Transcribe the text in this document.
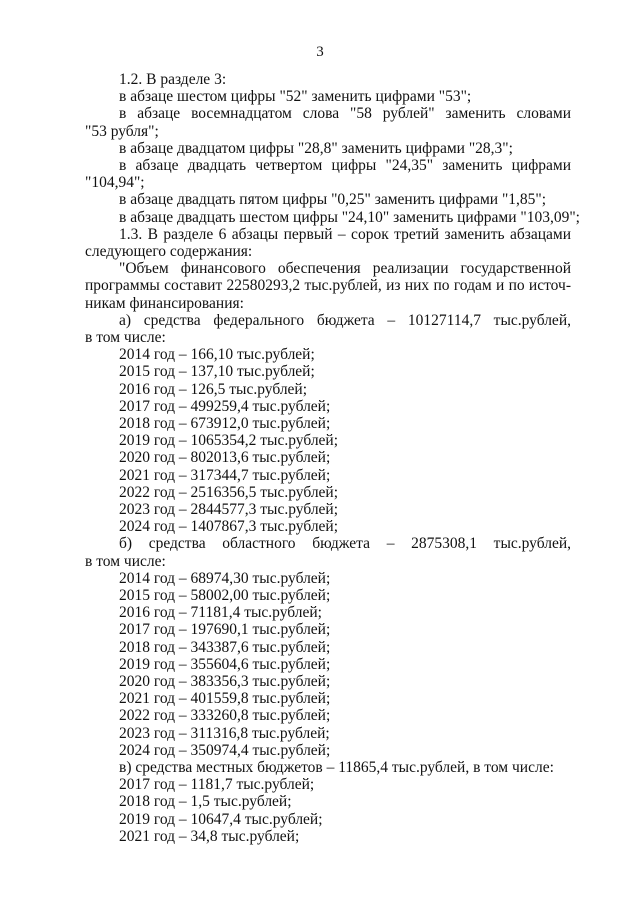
3
1.2. В разделе 3:
в абзаце шестом цифры "52" заменить цифрами "53";
в абзаце восемнадцатом слова "58 рублей" заменить словами
"53 рубля";
в абзаце двадцатом цифры "28,8" заменить цифрами "28,3";
в абзаце двадцать четвертом цифры "24,35" заменить цифрами
"104,94";
в абзаце двадцать пятом цифры "0,25" заменить цифрами "1,85";
в абзаце двадцать шестом цифры "24,10" заменить цифрами "103,09";
1.3. В разделе 6 абзацы первый – сорок третий заменить абзацами
следующего содержания:
"Объем финансового обеспечения реализации государственной
программы составит 22580293,2 тыс.рублей, из них по годам и по источ-
никам финансирования:
а) средства федерального бюджета – 10127114,7 тыс.рублей,
в том числе:
2014 год – 166,10 тыс.рублей;
2015 год – 137,10 тыс.рублей;
2016 год – 126,5 тыс.рублей;
2017 год – 499259,4 тыс.рублей;
2018 год – 673912,0 тыс.рублей;
2019 год – 1065354,2 тыс.рублей;
2020 год – 802013,6 тыс.рублей;
2021 год – 317344,7 тыс.рублей;
2022 год – 2516356,5 тыс.рублей;
2023 год – 2844577,3 тыс.рублей;
2024 год – 1407867,3 тыс.рублей;
б) средства областного бюджета – 2875308,1 тыс.рублей,
в том числе:
2014 год – 68974,30 тыс.рублей;
2015 год – 58002,00 тыс.рублей;
2016 год – 71181,4 тыс.рублей;
2017 год – 197690,1 тыс.рублей;
2018 год – 343387,6 тыс.рублей;
2019 год – 355604,6 тыс.рублей;
2020 год – 383356,3 тыс.рублей;
2021 год – 401559,8 тыс.рублей;
2022 год – 333260,8 тыс.рублей;
2023 год – 311316,8 тыс.рублей;
2024 год – 350974,4 тыс.рублей;
в) средства местных бюджетов – 11865,4 тыс.рублей, в том числе:
2017 год – 1181,7 тыс.рублей;
2018 год – 1,5 тыс.рублей;
2019 год – 10647,4 тыс.рублей;
2021 год – 34,8 тыс.рублей;
